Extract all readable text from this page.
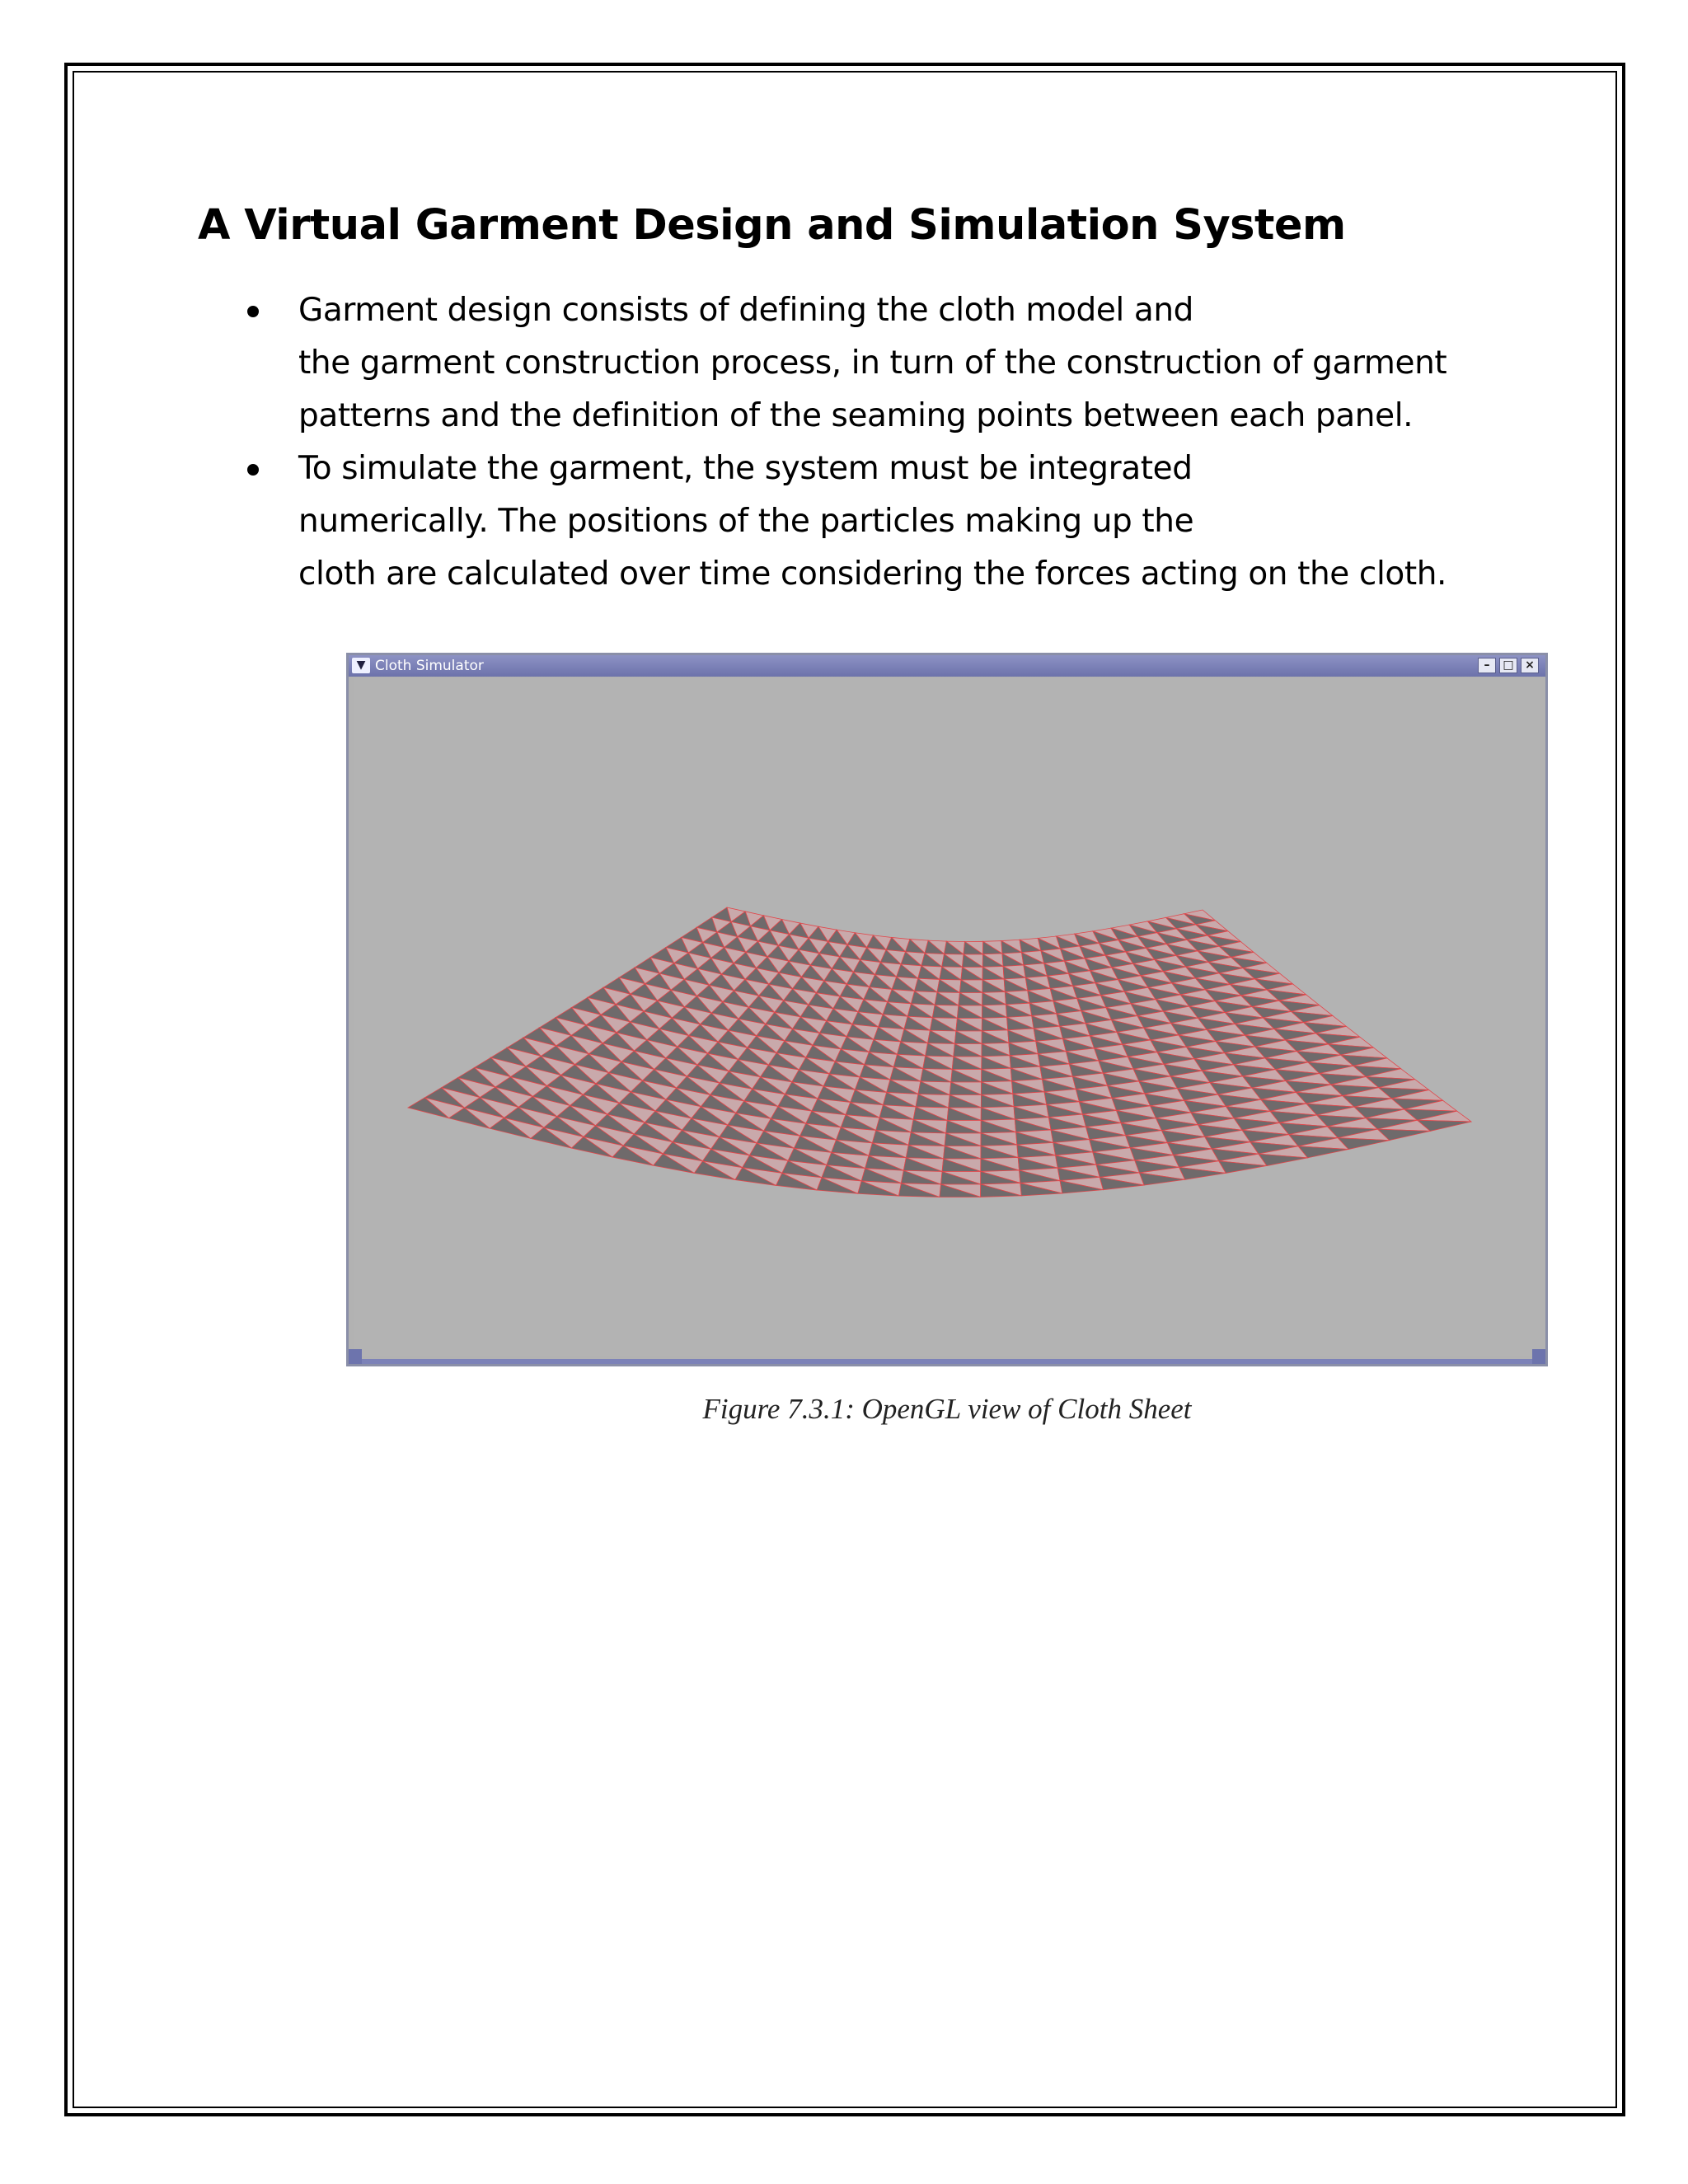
A Virtual Garment Design and Simulation System
Garment design consists of defining the cloth model and
the garment construction process, in turn of the construction of garment
patterns and the definition of the seaming points between each panel.
To simulate the garment, the system must be integrated
numerically. The positions of the particles making up the
cloth are calculated over time considering the forces acting on the cloth.
▼ Cloth Simulator	–	□ ×
Figure 7.3.1: OpenGL view of Cloth Sheet
